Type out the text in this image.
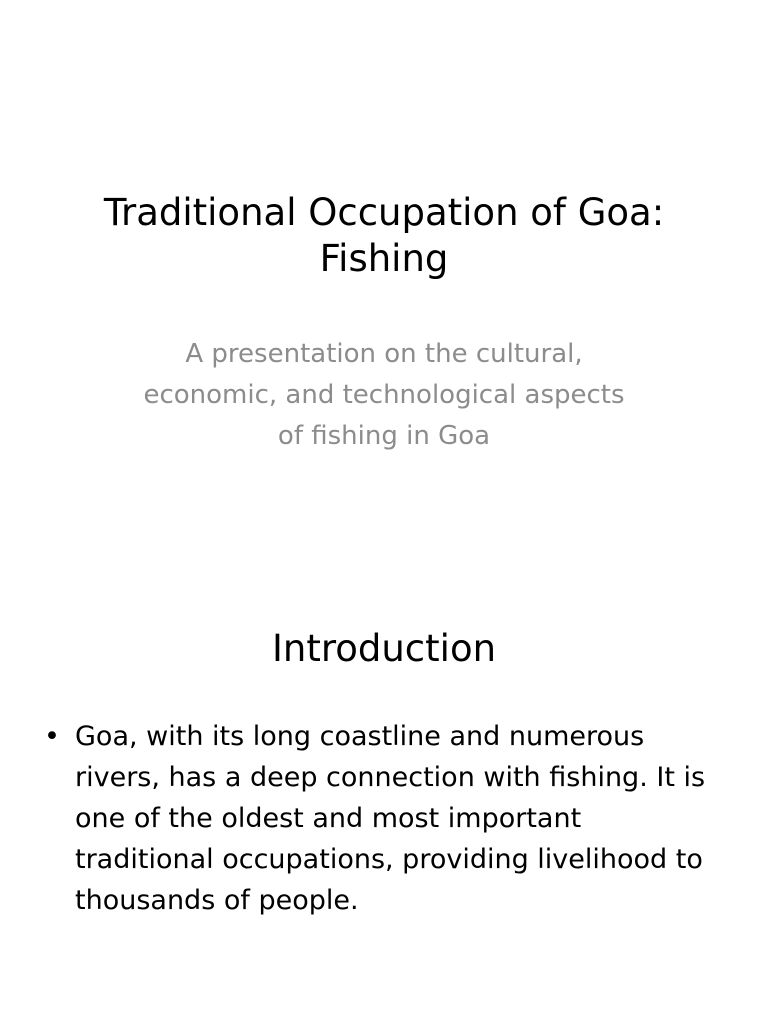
Traditional Occupation of Goa:
Fishing

A presentation on the cultural,
economic, and technological aspects
of fishing in Goa

Introduction
• Goa, with its long coastline and numerous
rivers, has a deep connection with fishing. It is
one of the oldest and most important
traditional occupations, providing livelihood to
thousands of people.
